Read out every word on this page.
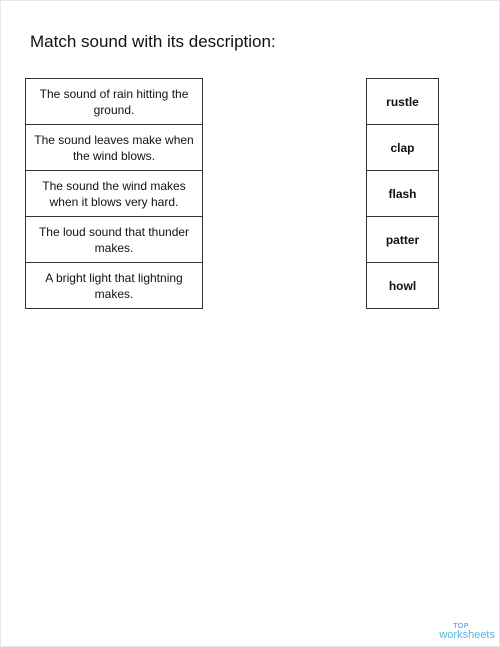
Match sound with its description:
The sound of rain hitting the ground.
The sound leaves make when the wind blows.
The sound the wind makes when it blows very hard.
The loud sound that thunder makes.
A bright light that lightning makes.
rustle
clap
flash
patter
howl
TOP
worksheets
